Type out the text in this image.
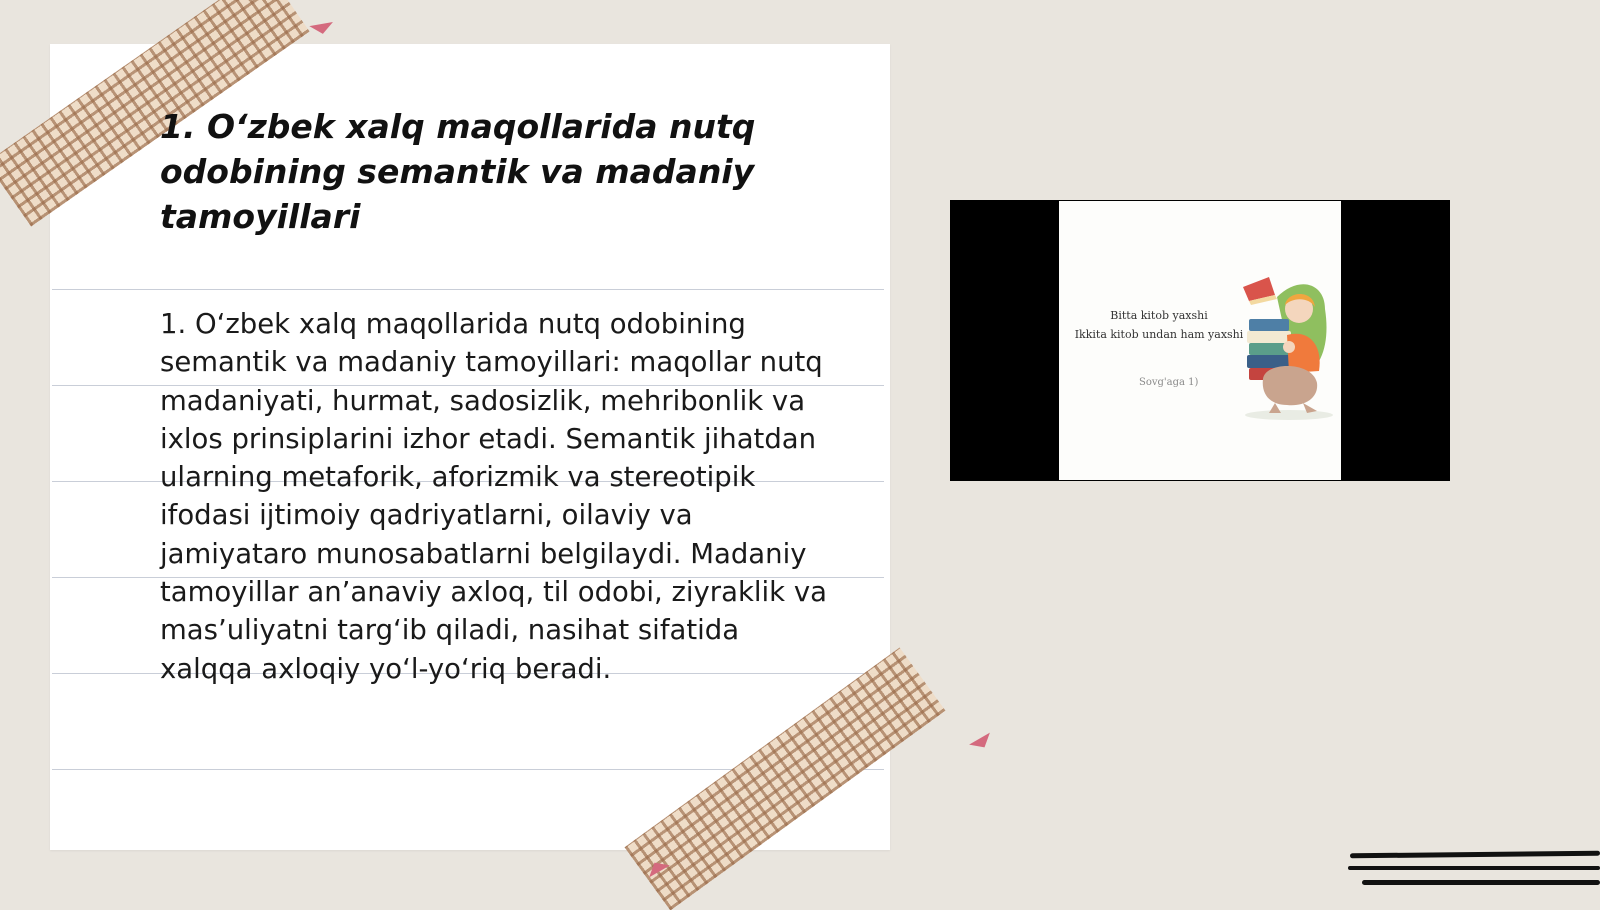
1. O‘zbek xalq maqollarida nutq odobining semantik va madaniy tamoyillari

1. O‘zbek xalq maqollarida nutq odobining semantik va madaniy tamoyillari: maqollar nutq madaniyati, hurmat, sadosizlik, mehribonlik va ixlos prinsiplarini izhor etadi. Semantik jihatdan ularning metaforik, aforizmik va stereotipik ifodasi ijtimoiy qadriyatlarni, oilaviy va jamiyataro munosabatlarni belgilaydi. Madaniy tamoyillar an’anaviy axloq, til odobi, ziyraklik va mas’uliyatni targ‘ib qiladi, nasihat sifatida xalqqa axloqiy yo‘l-yo‘riq beradi.

Bitta kitob yaxshi
Ikkita kitob undan ham yaxshi
Sovg'aga 1)
